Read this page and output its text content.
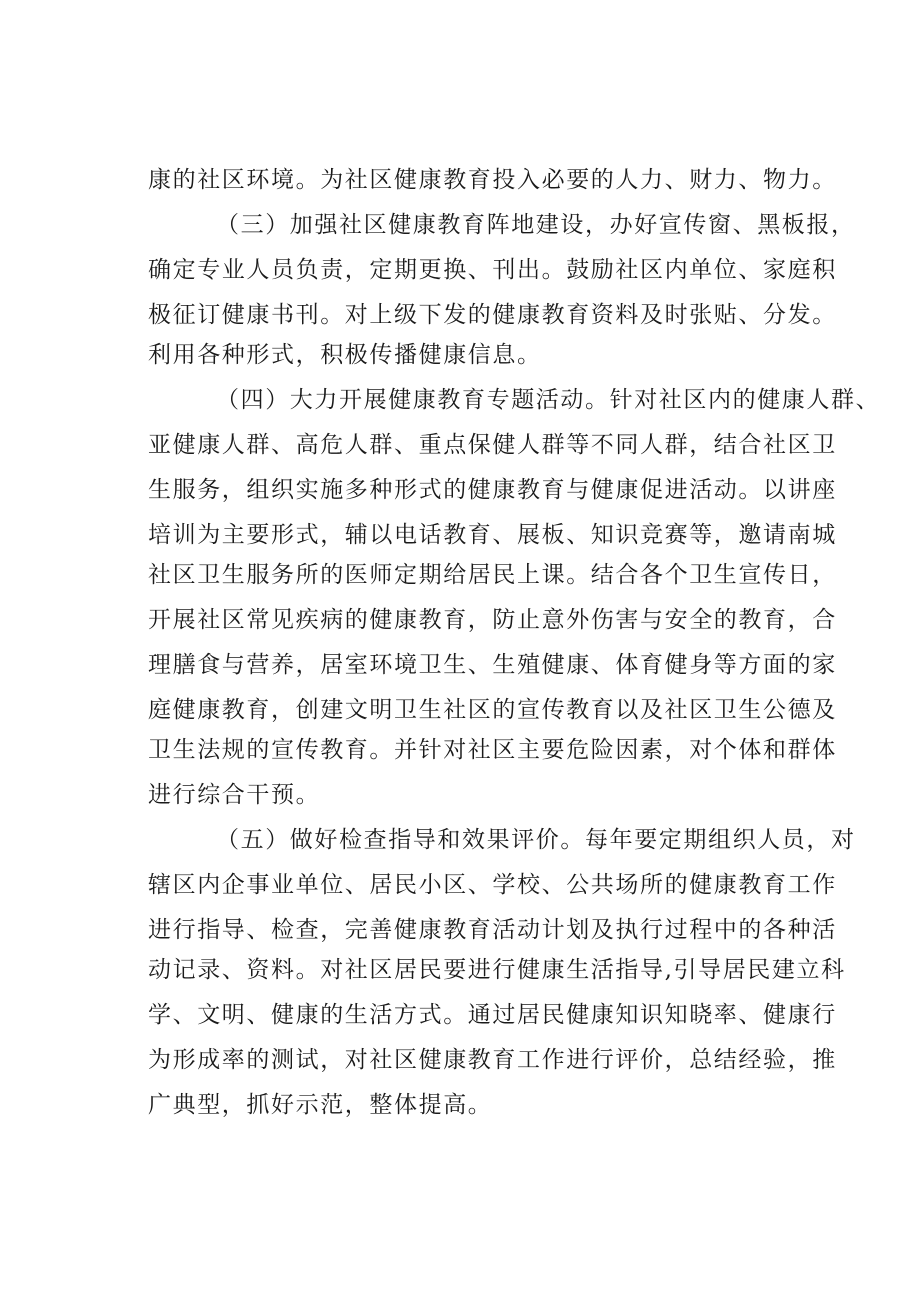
康的社区环境。为社区健康教育投入必要的人力、财力、物力。
（三）加强社区健康教育阵地建设，办好宣传窗、黑板报，
确定专业人员负责，定期更换、刊出。鼓励社区内单位、家庭积
极征订健康书刊。对上级下发的健康教育资料及时张贴、分发。
利用各种形式，积极传播健康信息。
（四）大力开展健康教育专题活动。针对社区内的健康人群、
亚健康人群、高危人群、重点保健人群等不同人群，结合社区卫
生服务，组织实施多种形式的健康教育与健康促进活动。以讲座
培训为主要形式，辅以电话教育、展板、知识竞赛等，邀请南城
社区卫生服务所的医师定期给居民上课。结合各个卫生宣传日，
开展社区常见疾病的健康教育，防止意外伤害与安全的教育，合
理膳食与营养，居室环境卫生、生殖健康、体育健身等方面的家
庭健康教育，创建文明卫生社区的宣传教育以及社区卫生公德及
卫生法规的宣传教育。并针对社区主要危险因素，对个体和群体
进行综合干预。
（五）做好检查指导和效果评价。每年要定期组织人员，对
辖区内企事业单位、居民小区、学校、公共场所的健康教育工作
进行指导、检查，完善健康教育活动计划及执行过程中的各种活
动记录、资料。对社区居民要进行健康生活指导,引导居民建立科
学、文明、健康的生活方式。通过居民健康知识知晓率、健康行
为形成率的测试，对社区健康教育工作进行评价，总结经验，推
广典型，抓好示范，整体提高。
